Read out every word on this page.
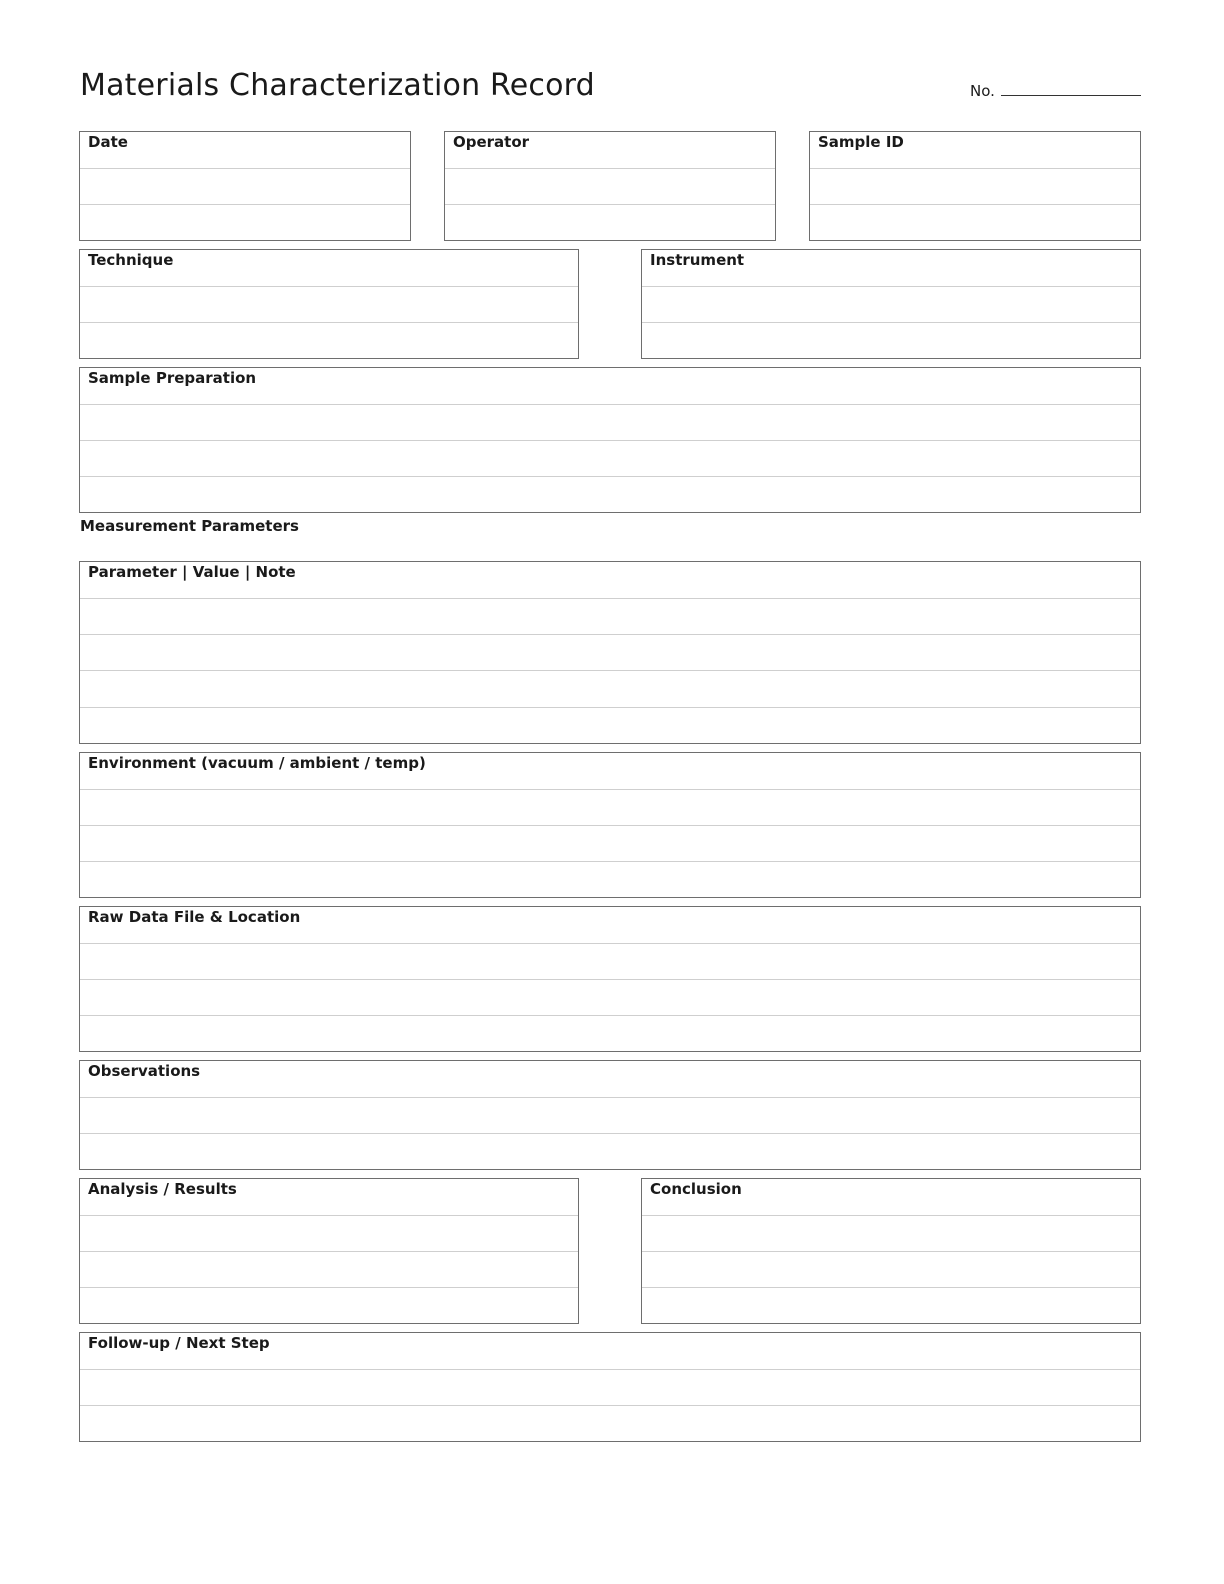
Materials Characterization Record	No.
Date	Operator	Sample ID
Technique	Instrument
Sample Preparation
Measurement Parameters
Parameter | Value | Note
Environment (vacuum / ambient / temp)
Raw Data File & Location
Observations
Analysis / Results	Conclusion
Follow-up / Next Step
